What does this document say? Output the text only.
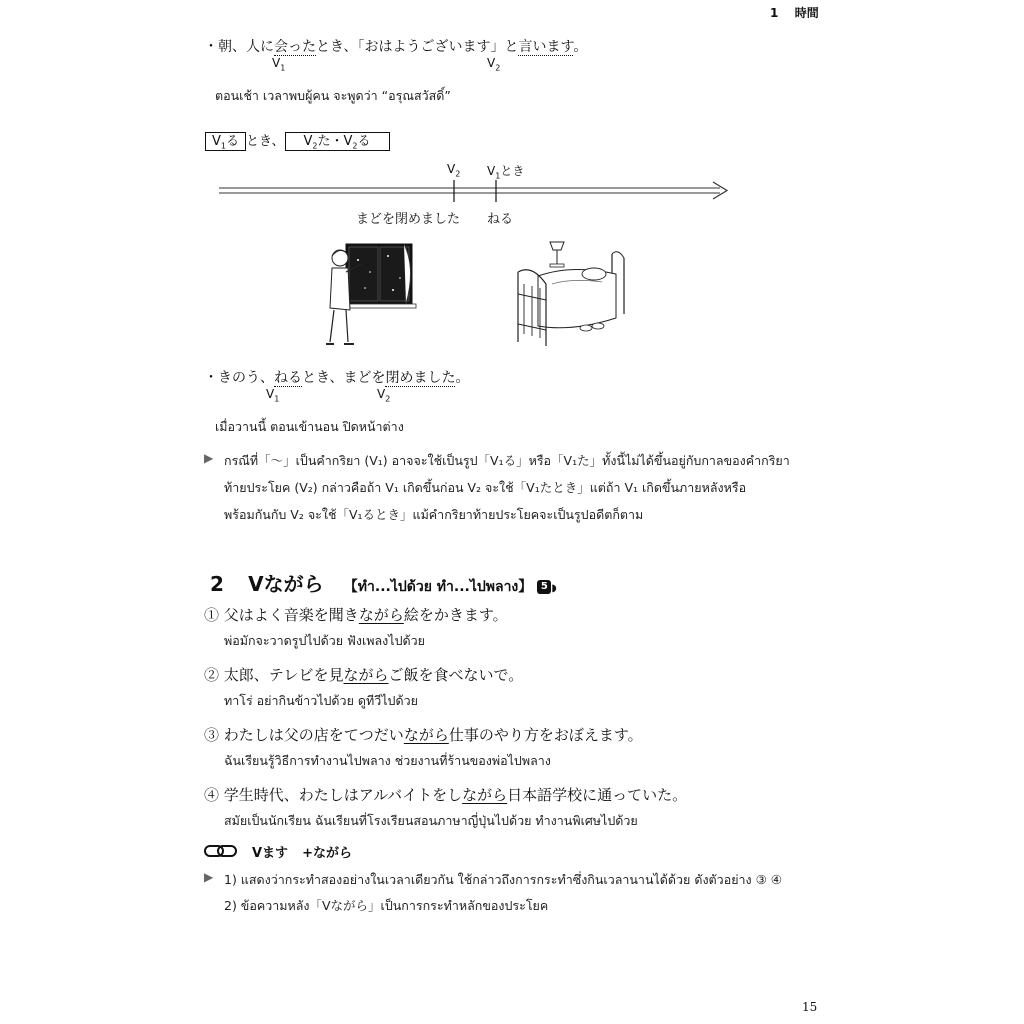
1 時間
・朝、人に会ったとき、「おはようございます」と言います。
$V_1$	$V_2$
ตอนเช้า เวลาพบผู้คน จะพูดว่า “อรุณสวัสดิ์”
$V_1$る とき、 $V_2$た・$V_2$る
$V_2$ $V_1$とき
まどを閉めました ねる
・きのう、ねるとき、まどを閉めました。
$V_1$	$V_2$
เมื่อวานนี้ ตอนเข้านอน ปิดหน้าต่าง
▶ กรณีที่「～」เป็นคำกริยา (V₁) อาจจะใช้เป็นรูป「V₁る」หรือ「V₁た」ทั้งนี้ไม่ได้ขึ้นอยู่กับกาลของคำกริยา
ท้ายประโยค (V₂) กล่าวคือถ้า V₁ เกิดขึ้นก่อน V₂ จะใช้「V₁たとき」แต่ถ้า V₁ เกิดขึ้นภายหลังหรือ
พร้อมกันกับ V₂ จะใช้「V₁るとき」แม้คำกริยาท้ายประโยคจะเป็นรูปอดีตก็ตาม
2 Vながら 【ทำ...ไปด้วย ทำ...ไปพลาง】 5 ◗
① 父はよく音楽を聞きながら絵をかきます。
พ่อมักจะวาดรูปไปด้วย ฟังเพลงไปด้วย
② 太郎、テレビを見ながらご飯を食べないで。
ทาโร่ อย่ากินข้าวไปด้วย ดูทีวีไปด้วย
③ わたしは父の店をてつだいながら仕事のやり方をおぼえます。
ฉันเรียนรู้วิธีการทำงานไปพลาง ช่วยงานที่ร้านของพ่อไปพลาง
④ 学生時代、わたしはアルバイトをしながら日本語学校に通っていた。
สมัยเป็นนักเรียน ฉันเรียนที่โรงเรียนสอนภาษาญี่ปุ่นไปด้วย ทำงานพิเศษไปด้วย
Vます +ながら
▶ 1) แสดงว่ากระทำสองอย่างในเวลาเดียวกัน ใช้กล่าวถึงการกระทำซึ่งกินเวลานานได้ด้วย ดังตัวอย่าง ③ ④
2) ข้อความหลัง「Vながら」เป็นการกระทำหลักของประโยค
15
